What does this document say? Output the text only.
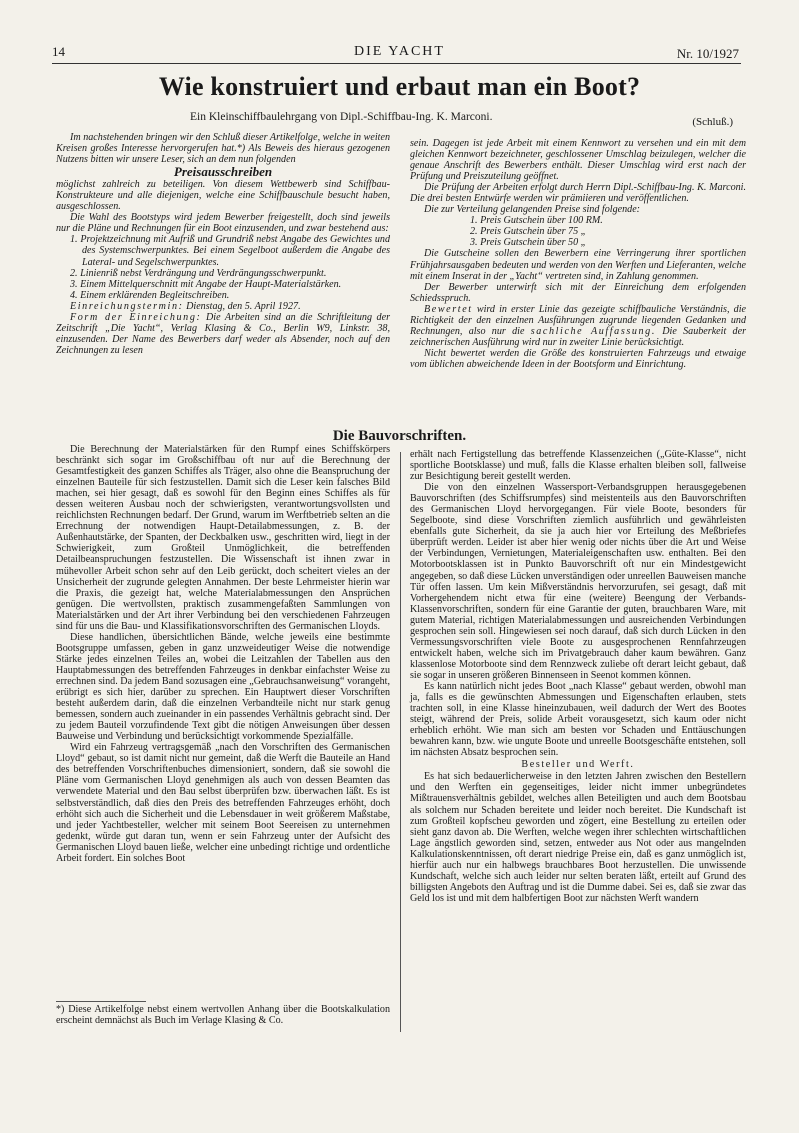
14	DIE YACHT	Nr. 10/1927
Wie konstruiert und erbaut man ein Boot?
Ein Kleinschiffbaulehrgang von Dipl.-Schiffbau-Ing. K. Marconi.	(Schluß.)

Im nachstehenden bringen wir den Schluß dieser Artikelfolge, welche in weiten Kreisen großes Interesse hervorgerufen hat.*) Als Beweis des hieraus gezogenen Nutzens bitten wir unsere Leser, sich an dem nun folgenden

Preisausschreiben

möglichst zahlreich zu beteiligen. Von diesem Wettbewerb sind Schiffbau-Konstrukteure und alle diejenigen, welche eine Schiffbauschule besucht haben, ausgeschlossen.

Die Wahl des Bootstyps wird jedem Bewerber freigestellt, doch sind jeweils nur die Pläne und Rechnungen für ein Boot einzusenden, und zwar bestehend aus:

1. Projektzeichnung mit Aufriß und Grundriß nebst Angabe des Gewichtes und des Systemschwerpunktes. Bei einem Segelboot außerdem die Angabe des Lateral- und Segelschwerpunktes.

2. Linienriß nebst Verdrängung und Verdrängungsschwerpunkt.

3. Einem Mittelquerschnitt mit Angabe der Haupt-Materialstärken.

4. Einem erklärenden Begleitschreiben.

Einreichungstermin: Dienstag, den 5. April 1927.

Form der Einreichung: Die Arbeiten sind an die Schriftleitung der Zeitschrift „Die Yacht“, Verlag Klasing & Co., Berlin W9, Linkstr. 38, einzusenden. Der Name des Bewerbers darf weder als Absender, noch auf den Zeichnungen zu lesen

sein. Dagegen ist jede Arbeit mit einem Kennwort zu versehen und ein mit dem gleichen Kennwort bezeichneter, geschlossener Umschlag beizulegen, welcher die genaue Anschrift des Bewerbers enthält. Dieser Umschlag wird erst nach der Prüfung und Preiszuteilung geöffnet.

Die Prüfung der Arbeiten erfolgt durch Herrn Dipl.-Schiffbau-Ing. K. Marconi. Die drei besten Entwürfe werden wir prämiieren und veröffentlichen.

Die zur Verteilung gelangenden Preise sind folgende:

1. Preis Gutschein über 100 RM.

2. Preis Gutschein über 75 „

3. Preis Gutschein über 50 „

Die Gutscheine sollen den Bewerbern eine Verringerung ihrer sportlichen Frühjahrsausgaben bedeuten und werden von den Werften und Lieferanten, welche mit einem Inserat in der „Yacht“ vertreten sind, in Zahlung genommen.

Der Bewerber unterwirft sich mit der Einreichung dem erfolgenden Schiedsspruch.

Bewertet wird in erster Linie das gezeigte schiffbauliche Verständnis, die Richtigkeit der den einzelnen Ausführungen zugrunde liegenden Gedanken und Rechnungen, also nur die sachliche Auffassung. Die Sauberkeit der zeichnerischen Ausführung wird nur in zweiter Linie berücksichtigt.

Nicht bewertet werden die Größe des konstruierten Fahrzeugs und etwaige vom üblichen abweichende Ideen in der Bootsform und Einrichtung.

Die Bauvorschriften.

Die Berechnung der Materialstärken für den Rumpf eines Schiffskörpers beschränkt sich sogar im Großschiffbau oft nur auf die Berechnung der Gesamtfestigkeit des ganzen Schiffes als Träger, also ohne die Beanspruchung der einzelnen Bauteile für sich festzustellen. Damit sich die Leser kein falsches Bild machen, sei hier gesagt, daß es sowohl für den Beginn eines Schiffes als für dessen weiteren Ausbau noch der schwierigsten, verantwortungsvollsten und reichlichsten Rechnungen bedarf. Der Grund, warum im Werftbetrieb selten an die Errechnung der notwendigen Haupt-Detailabmessungen, z. B. der Außenhautstärke, der Spanten, der Deckbalken usw., geschritten wird, liegt in der Schwierigkeit, zum Großteil Unmöglichkeit, die betreffenden Detailbeanspruchungen festzustellen. Die Wissenschaft ist ihnen zwar in mühevoller Arbeit schon sehr auf den Leib gerückt, doch scheitert vieles an der Unsicherheit der zugrunde gelegten Annahmen. Der beste Lehrmeister hierin war die Praxis, die gezeigt hat, welche Materialabmessungen den Ansprüchen genügen. Die wertvollsten, praktisch zusammengefaßten Sammlungen von Materialstärken und der Art ihrer Verbindung bei den verschiedenen Fahrzeugen sind für uns die Bau- und Klassifikationsvorschriften des Germanischen Lloyds.

Diese handlichen, übersichtlichen Bände, welche jeweils eine bestimmte Bootsgruppe umfassen, geben in ganz unzweideutiger Weise die notwendige Stärke jedes einzelnen Teiles an, wobei die Leitzahlen der Tabellen aus den Hauptabmessungen des betreffenden Fahrzeuges in denkbar einfachster Weise zu errechnen sind. Da jedem Band sozusagen eine „Gebrauchsanweisung“ vorangeht, erübrigt es sich hier, darüber zu sprechen. Ein Hauptwert dieser Vorschriften besteht außerdem darin, daß die einzelnen Verbandteile nicht nur stark genug bemessen, sondern auch zueinander in ein passendes Verhältnis gebracht sind. Der zu jedem Bauteil vorzufindende Text gibt die nötigen Anweisungen über dessen Bauweise und Verbindung und berücksichtigt vorkommende Spezialfälle.

Wird ein Fahrzeug vertragsgemäß „nach den Vorschriften des Germanischen Lloyd“ gebaut, so ist damit nicht nur gemeint, daß die Werft die Bauteile an Hand des betreffenden Vorschriftenbuches dimensioniert, sondern, daß sie sowohl die Pläne vom Germanischen Lloyd genehmigen als auch von dessen Beamten das verwendete Material und den Bau selbst überprüfen bzw. überwachen läßt. Es ist selbstverständlich, daß dies den Preis des betreffenden Fahrzeuges erhöht, doch erhöht sich auch die Sicherheit und die Lebensdauer in weit größerem Maßstabe, und jeder Yachtbesteller, welcher mit seinem Boot Seereisen zu unternehmen gedenkt, würde gut daran tun, wenn er sein Fahrzeug unter der Aufsicht des Germanischen Lloyd bauen ließe, welcher eine unbedingt richtige und ordentliche Arbeit fordert. Ein solches Boot

*) Diese Artikelfolge nebst einem wertvollen Anhang über die Bootskalkulation erscheint demnächst als Buch im Verlage Klasing & Co.

erhält nach Fertigstellung das betreffende Klassenzeichen („Güte-Klasse“, nicht sportliche Bootsklasse) und muß, falls die Klasse erhalten bleiben soll, fallweise zur Besichtigung bereit gestellt werden.

Die von den einzelnen Wassersport-Verbandsgruppen herausgegebenen Bauvorschriften (des Schiffsrumpfes) sind meistenteils aus den Bauvorschriften des Germanischen Lloyd hervorgegangen. Für viele Boote, besonders für Segelboote, sind diese Vorschriften ziemlich ausführlich und gewährleisten ebenfalls gute Sicherheit, da sie ja auch hier vor Erteilung des Meßbriefes überprüft werden. Leider ist aber hier wenig oder nichts über die Art und Weise der Verbindungen, Vernietungen, Materialeigenschaften usw. enthalten. Bei den Motorbootsklassen ist in Punkto Bauvorschrift oft nur ein Mindestgewicht angegeben, so daß diese Lücken unverständigen oder unreellen Bauweisen manche Tür offen lassen. Um kein Mißverständnis hervorzurufen, sei gesagt, daß mit Vorhergehendem nicht etwa für eine (weitere) Beengung der Verbands-Klassenvorschriften, sondern für eine Garantie der guten, brauchbaren Ware, mit gutem Material, richtigen Materialabmessungen und ausreichenden Verbindungen gesprochen sein soll. Hingewiesen sei noch darauf, daß sich durch Lücken in den Vermessungsvorschriften viele Boote zu ausgesprochenen Rennfahrzeugen entwickelt haben, welche sich im Privatgebrauch daher kaum bewähren. Ganz klassenlose Motorboote sind dem Rennzweck zuliebe oft derart leicht gebaut, daß sie sogar in unseren größeren Binnenseen in Seenot kommen können.

Es kann natürlich nicht jedes Boot „nach Klasse“ gebaut werden, obwohl man ja, falls es die gewünschten Abmessungen und Eigenschaften erlauben, stets trachten soll, in eine Klasse hineinzubauen, weil dadurch der Wert des Bootes steigt, während der Preis, solide Arbeit vorausgesetzt, sich kaum oder nicht erheblich erhöht. Wie man sich am besten vor Schaden und Enttäuschungen bewahren kann, bzw. wie ungute Boote und unreelle Bootsgeschäfte entstehen, soll im nächsten Absatz besprochen sein.

Besteller und Werft.

Es hat sich bedauerlicherweise in den letzten Jahren zwischen den Bestellern und den Werften ein gegenseitiges, leider nicht immer unbegründetes Mißtrauensverhältnis gebildet, welches allen Beteiligten und auch dem Bootsbau als solchem nur Schaden bereitete und leider noch bereitet. Die Kundschaft ist zum Großteil kopfscheu geworden und zögert, eine Bestellung zu erteilen oder sieht ganz davon ab. Die Werften, welche wegen ihrer schlechten wirtschaftlichen Lage ängstlich geworden sind, setzen, entweder aus Not oder aus mangelnden Kalkulationskenntnissen, oft derart niedrige Preise ein, daß es ganz unmöglich ist, hierfür auch nur ein halbwegs brauchbares Boot herzustellen. Die unwissende Kundschaft, welche sich auch leider nur selten beraten läßt, erteilt auf Grund des billigsten Angebots den Auftrag und ist die Dumme dabei. Sei es, daß sie zwar das Geld los ist und mit dem halbfertigen Boot zur nächsten Werft wandern
